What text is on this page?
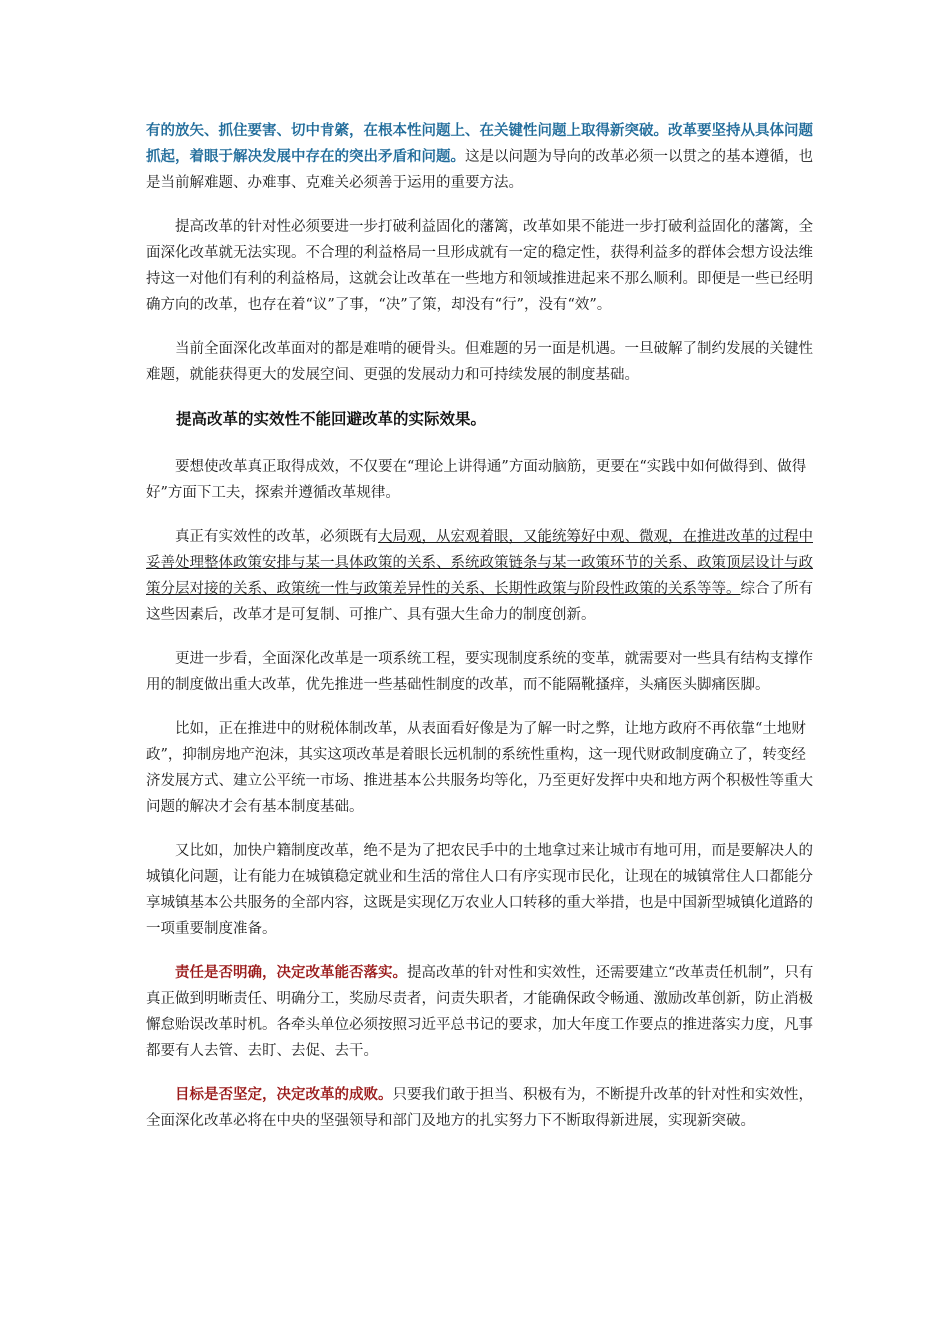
有的放矢、抓住要害、切中肯綮，在根本性问题上、在关键性问题上取得新突破。改革要坚持从具体问题抓起，着眼于解决发展中存在的突出矛盾和问题。这是以问题为导向的改革必须一以贯之的基本遵循，也是当前解难题、办难事、克难关必须善于运用的重要方法。

提高改革的针对性必须要进一步打破利益固化的藩篱，改革如果不能进一步打破利益固化的藩篱，全面深化改革就无法实现。不合理的利益格局一旦形成就有一定的稳定性，获得利益多的群体会想方设法维持这一对他们有利的利益格局，这就会让改革在一些地方和领域推进起来不那么顺利。即便是一些已经明确方向的改革，也存在着“议”了事，“决”了策，却没有“行”，没有“效”。

当前全面深化改革面对的都是难啃的硬骨头。但难题的另一面是机遇。一旦破解了制约发展的关键性难题，就能获得更大的发展空间、更强的发展动力和可持续发展的制度基础。

提高改革的实效性不能回避改革的实际效果。

要想使改革真正取得成效，不仅要在“理论上讲得通”方面动脑筋，更要在“实践中如何做得到、做得好”方面下工夫，探索并遵循改革规律。

真正有实效性的改革，必须既有大局观，从宏观着眼，又能统筹好中观、微观，在推进改革的过程中妥善处理整体政策安排与某一具体政策的关系、系统政策链条与某一政策环节的关系、政策顶层设计与政策分层对接的关系、政策统一性与政策差异性的关系、长期性政策与阶段性政策的关系等等。综合了所有这些因素后，改革才是可复制、可推广、具有强大生命力的制度创新。

更进一步看，全面深化改革是一项系统工程，要实现制度系统的变革，就需要对一些具有结构支撑作用的制度做出重大改革，优先推进一些基础性制度的改革，而不能隔靴搔痒，头痛医头脚痛医脚。

比如，正在推进中的财税体制改革，从表面看好像是为了解一时之弊，让地方政府不再依靠“土地财政”，抑制房地产泡沫，其实这项改革是着眼长远机制的系统性重构，这一现代财政制度确立了，转变经济发展方式、建立公平统一市场、推进基本公共服务均等化，乃至更好发挥中央和地方两个积极性等重大问题的解决才会有基本制度基础。

又比如，加快户籍制度改革，绝不是为了把农民手中的土地拿过来让城市有地可用，而是要解决人的城镇化问题，让有能力在城镇稳定就业和生活的常住人口有序实现市民化，让现在的城镇常住人口都能分享城镇基本公共服务的全部内容，这既是实现亿万农业人口转移的重大举措，也是中国新型城镇化道路的一项重要制度准备。

责任是否明确，决定改革能否落实。提高改革的针对性和实效性，还需要建立“改革责任机制”，只有真正做到明晰责任、明确分工，奖励尽责者，问责失职者，才能确保政令畅通、激励改革创新，防止消极懈怠贻误改革时机。各牵头单位必须按照习近平总书记的要求，加大年度工作要点的推进落实力度，凡事都要有人去管、去盯、去促、去干。

目标是否坚定，决定改革的成败。只要我们敢于担当、积极有为，不断提升改革的针对性和实效性，全面深化改革必将在中央的坚强领导和部门及地方的扎实努力下不断取得新进展，实现新突破。
